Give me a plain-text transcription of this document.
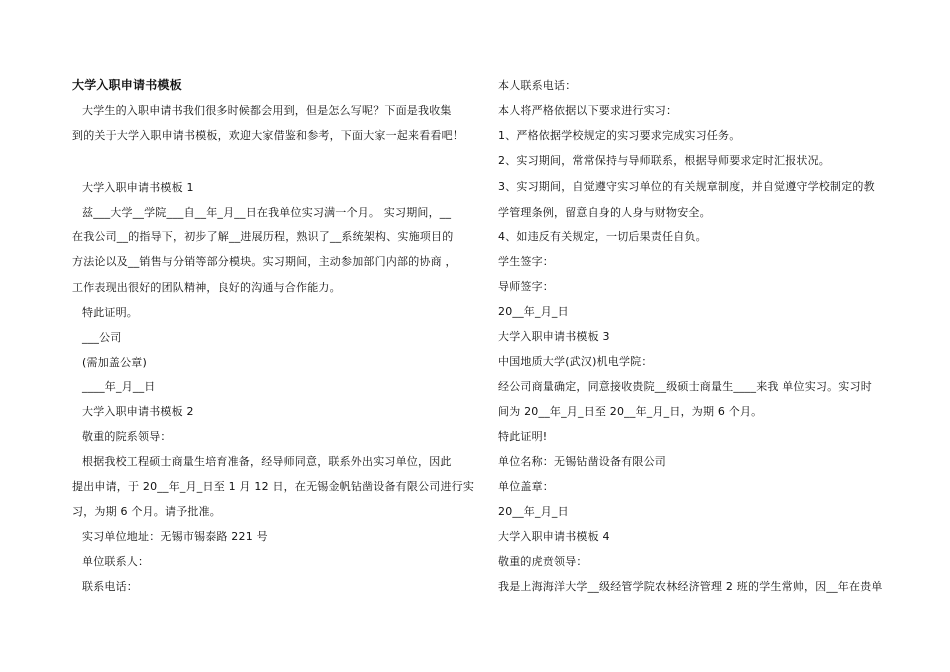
大学入职申请书模板
大学生的入职申请书我们很多时候都会用到，但是怎么写呢？下面是我收集
到的关于大学入职申请书模板，欢迎大家借鉴和参考，下面大家一起来看看吧！
大学入职申请书模板 1
兹___大学__学院___自__年_月__日在我单位实习满一个月。 实习期间，__
在我公司__的指导下，初步了解__进展历程，熟识了__系统架构、实施项目的
方法论以及__销售与分销等部分模块。实习期间，主动参加部门内部的协商 ，
工作表现出很好的团队精神，良好的沟通与合作能力。
特此证明。
___公司
(需加盖公章)
____年_月__日
大学入职申请书模板 2
敬重的院系领导：
根据我校工程硕士商量生培育准备，经导师同意，联系外出实习单位，因此
提出申请，于 20__年_月_日至 1 月 12 日，在无锡金帆钻凿设备有限公司进行实
习，为期 6 个月。请予批准。
实习单位地址：无锡市锡泰路 221 号
单位联系人：
联系电话：
本人联系电话：
本人将严格依据以下要求进行实习：
1、严格依据学校规定的实习要求完成实习任务。
2、实习期间，常常保持与导师联系，根据导师要求定时汇报状况。
3、实习期间，自觉遵守实习单位的有关规章制度，并自觉遵守学校制定的教
学管理条例，留意自身的人身与财物安全。
4、如违反有关规定，一切后果责任自负。
学生签字：
导师签字：
20__年_月_日
大学入职申请书模板 3
中国地质大学(武汉)机电学院：
经公司商量确定，同意接收贵院__级硕士商量生____来我 单位实习。实习时
间为 20__年_月_日至 20__年_月_日，为期 6 个月。
特此证明!
单位名称：无锡钻凿设备有限公司
单位盖章：
20__年_月_日
大学入职申请书模板 4
敬重的虎贲领导：
我是上海海洋大学__级经管学院农林经济管理 2 班的学生常帅，因__年在贵单
